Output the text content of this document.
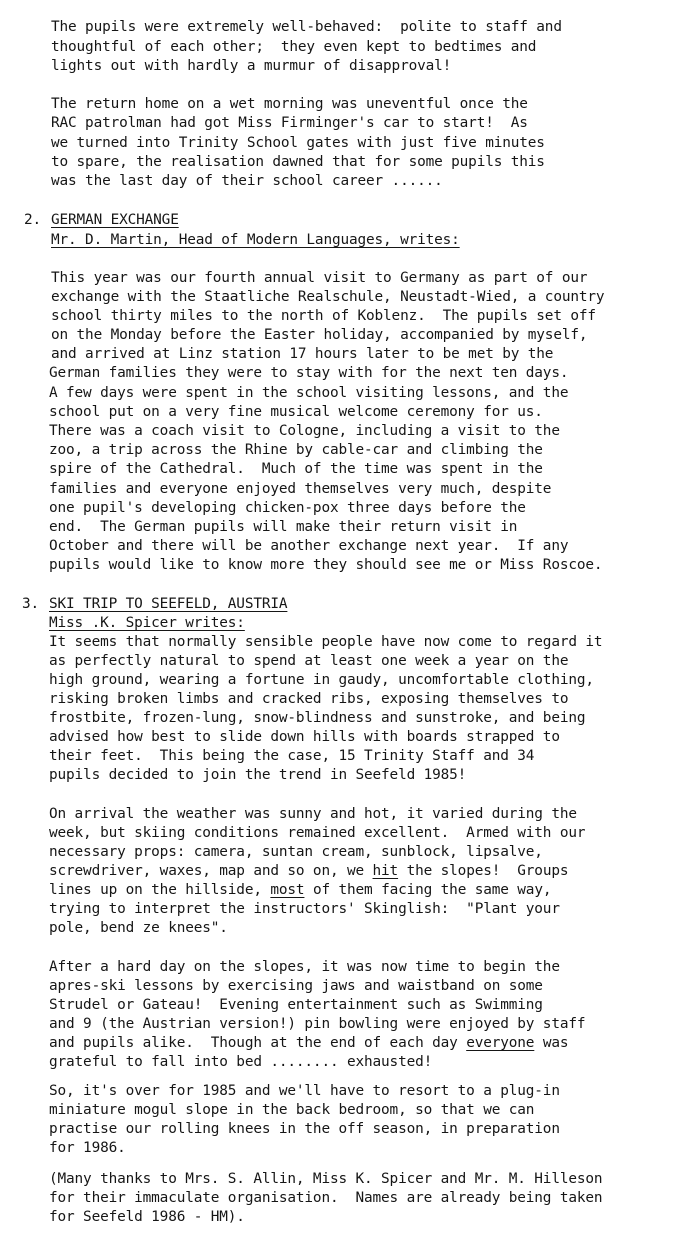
The pupils were extremely well-behaved:  polite to staff and
thoughtful of each other;  they even kept to bedtimes and
lights out with hardly a murmur of disapproval!
The return home on a wet morning was uneventful once the
RAC patrolman had got Miss Firminger's car to start!  As
we turned into Trinity School gates with just five minutes
to spare, the realisation dawned that for some pupils this
was the last day of their school career ......
2. GERMAN EXCHANGE
Mr. D. Martin, Head of Modern Languages, writes:
This year was our fourth annual visit to Germany as part of our
exchange with the Staatliche Realschule, Neustadt-Wied, a country
school thirty miles to the north of Koblenz.  The pupils set off
on the Monday before the Easter holiday, accompanied by myself,
and arrived at Linz station 17 hours later to be met by the
German families they were to stay with for the next ten days.
A few days were spent in the school visiting lessons, and the
school put on a very fine musical welcome ceremony for us.
There was a coach visit to Cologne, including a visit to the
zoo, a trip across the Rhine by cable-car and climbing the
spire of the Cathedral.  Much of the time was spent in the
families and everyone enjoyed themselves very much, despite
one pupil's developing chicken-pox three days before the
end.  The German pupils will make their return visit in
October and there will be another exchange next year.  If any
pupils would like to know more they should see me or Miss Roscoe.
3. SKI TRIP TO SEEFELD, AUSTRIA
Miss .K. Spicer writes:
It seems that normally sensible people have now come to regard it
as perfectly natural to spend at least one week a year on the
high ground, wearing a fortune in gaudy, uncomfortable clothing,
risking broken limbs and cracked ribs, exposing themselves to
frostbite, frozen-lung, snow-blindness and sunstroke, and being
advised how best to slide down hills with boards strapped to
their feet.  This being the case, 15 Trinity Staff and 34
pupils decided to join the trend in Seefeld 1985!
On arrival the weather was sunny and hot, it varied during the
week, but skiing conditions remained excellent.  Armed with our
necessary props: camera, suntan cream, sunblock, lipsalve,
screwdriver, waxes, map and so on, we hit the slopes!  Groups
lines up on the hillside, most of them facing the same way,
trying to interpret the instructors' Skinglish:  "Plant your
pole, bend ze knees".
After a hard day on the slopes, it was now time to begin the
apres-ski lessons by exercising jaws and waistband on some
Strudel or Gateau!  Evening entertainment such as Swimming
and 9 (the Austrian version!) pin bowling were enjoyed by staff
and pupils alike.  Though at the end of each day everyone was
grateful to fall into bed ........ exhausted!
So, it's over for 1985 and we'll have to resort to a plug-in
miniature mogul slope in the back bedroom, so that we can
practise our rolling knees in the off season, in preparation
for 1986.
(Many thanks to Mrs. S. Allin, Miss K. Spicer and Mr. M. Hilleson
for their immaculate organisation.  Names are already being taken
for Seefeld 1986 - HM).
